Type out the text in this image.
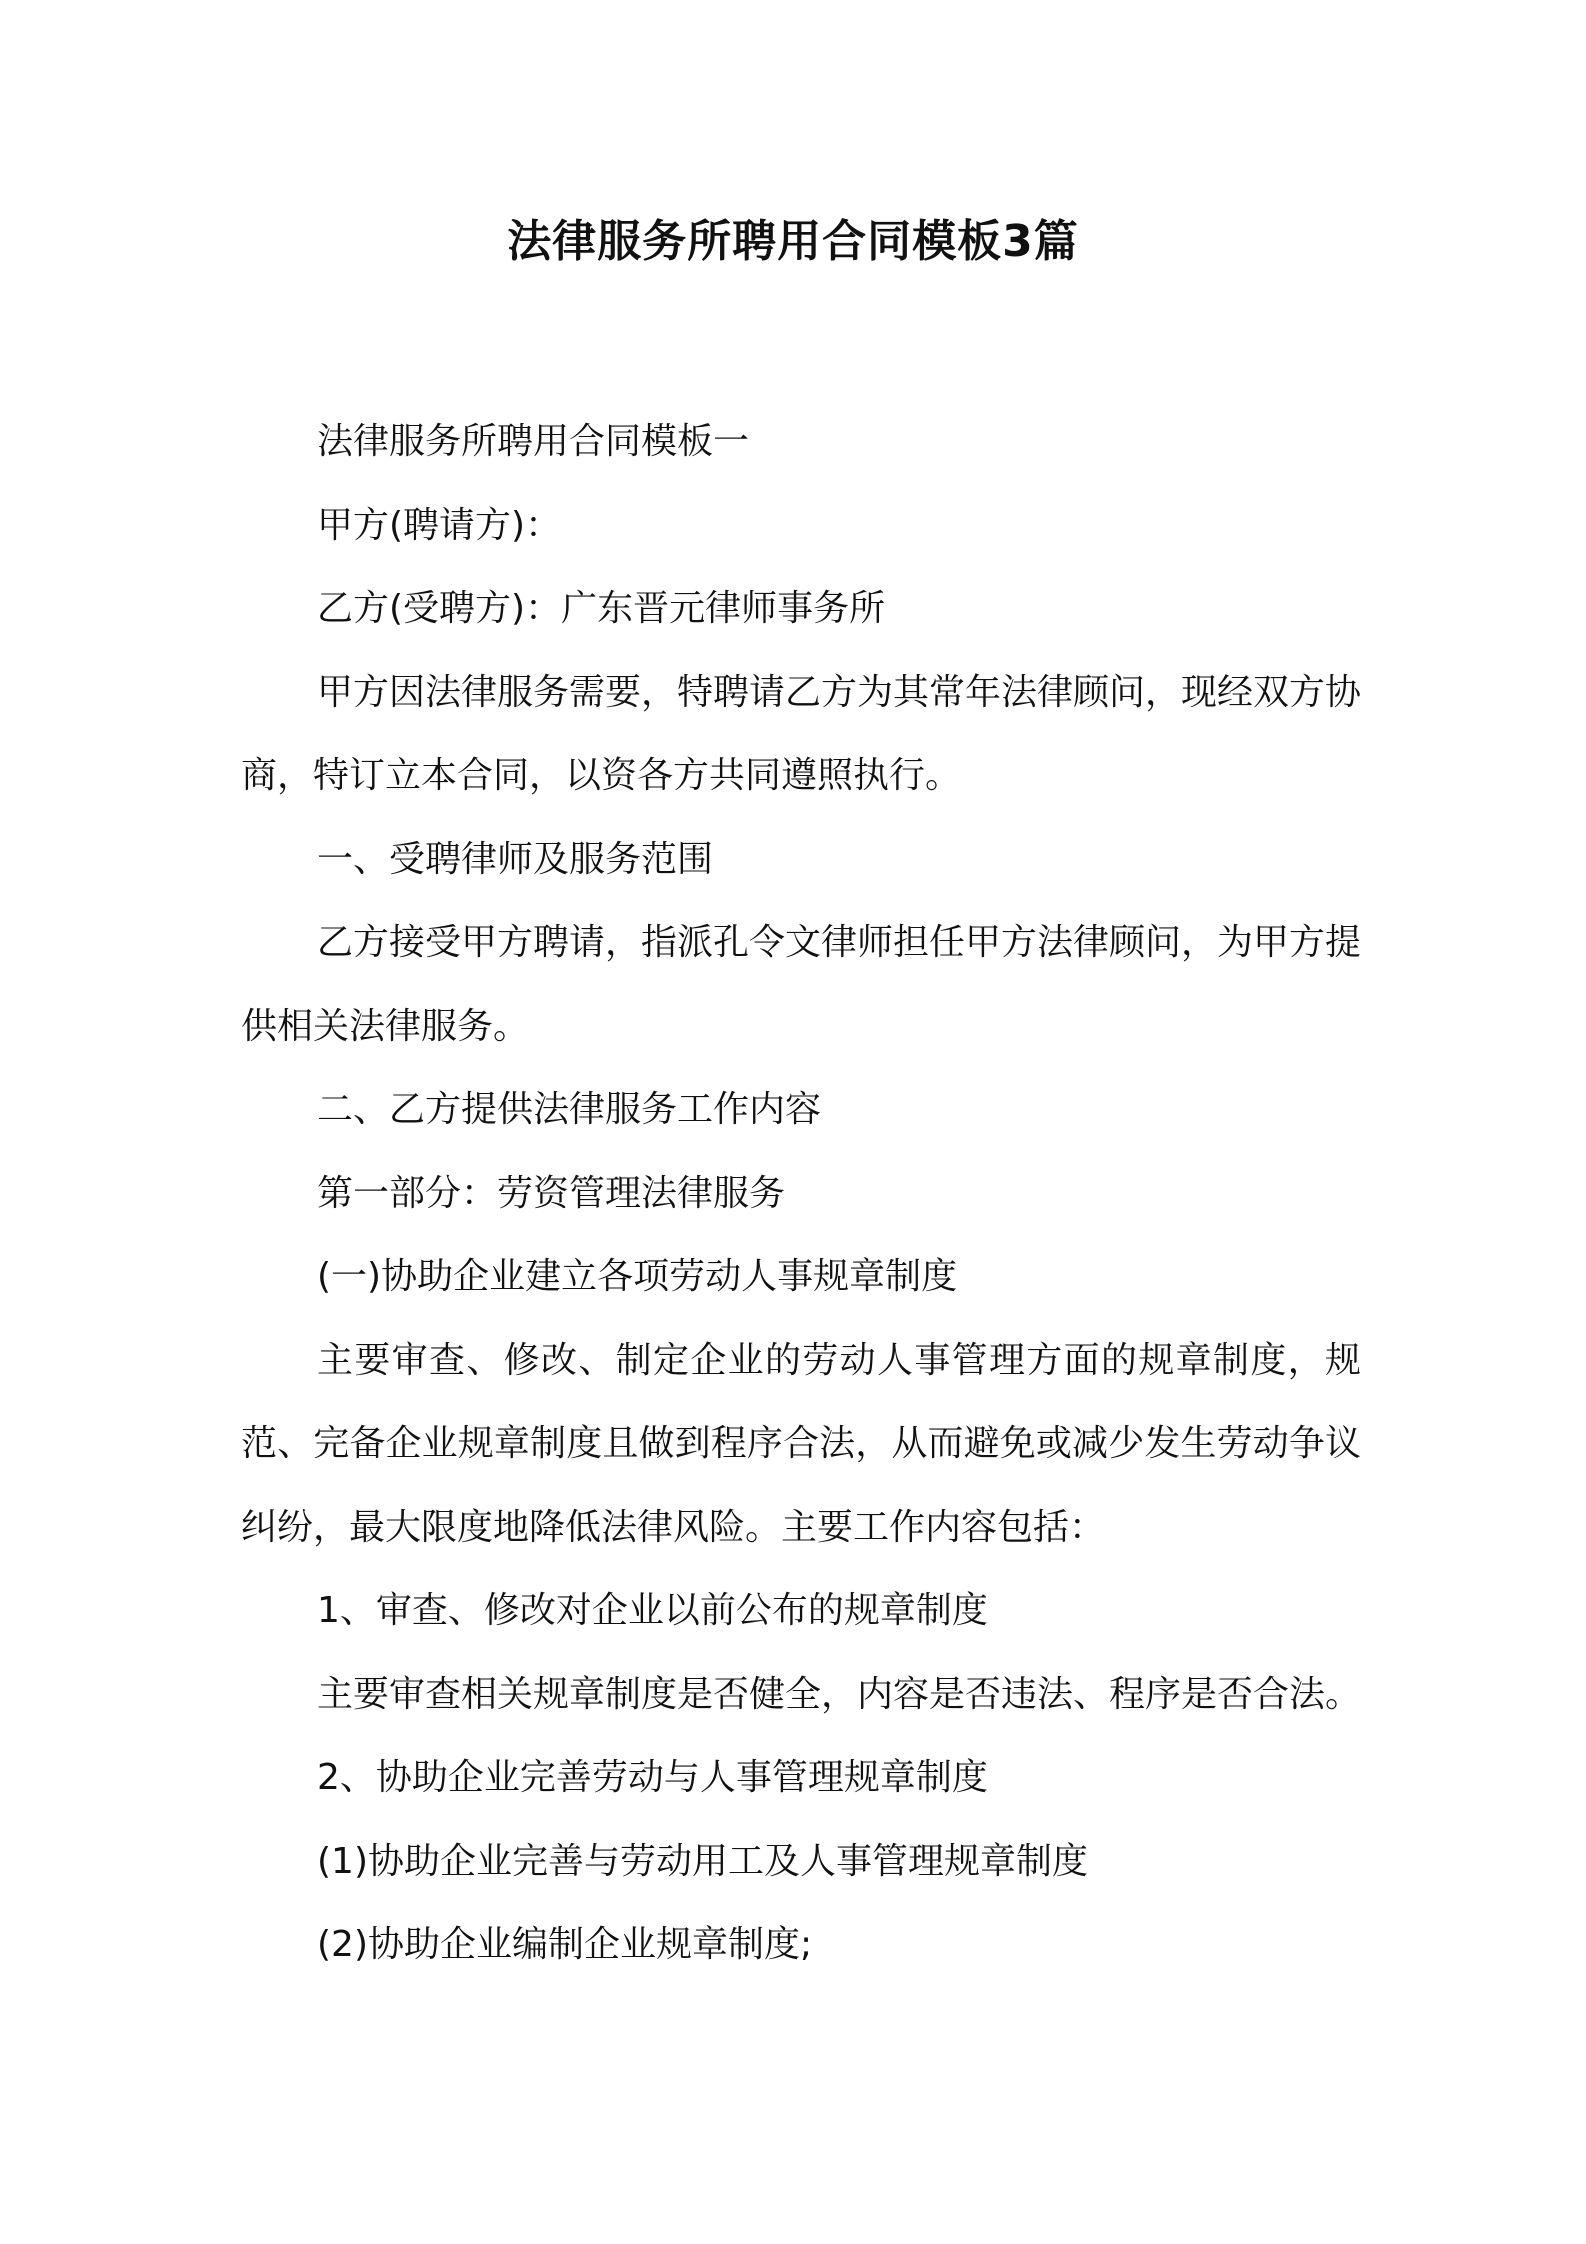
法律服务所聘用合同模板3篇

法律服务所聘用合同模板一

甲方(聘请方)：

乙方(受聘方)：广东晋元律师事务所

甲方因法律服务需要，特聘请乙方为其常年法律顾问，现经双方协商，特订立本合同，以资各方共同遵照执行。

一、受聘律师及服务范围

乙方接受甲方聘请，指派孔令文律师担任甲方法律顾问，为甲方提供相关法律服务。

二、乙方提供法律服务工作内容

第一部分：劳资管理法律服务

(一)协助企业建立各项劳动人事规章制度

主要审查、修改、制定企业的劳动人事管理方面的规章制度，规范、完备企业规章制度且做到程序合法，从而避免或减少发生劳动争议纠纷，最大限度地降低法律风险。主要工作内容包括：

1、审查、修改对企业以前公布的规章制度

主要审查相关规章制度是否健全，内容是否违法、程序是否合法。

2、协助企业完善劳动与人事管理规章制度

(1)协助企业完善与劳动用工及人事管理规章制度

(2)协助企业编制企业规章制度;
